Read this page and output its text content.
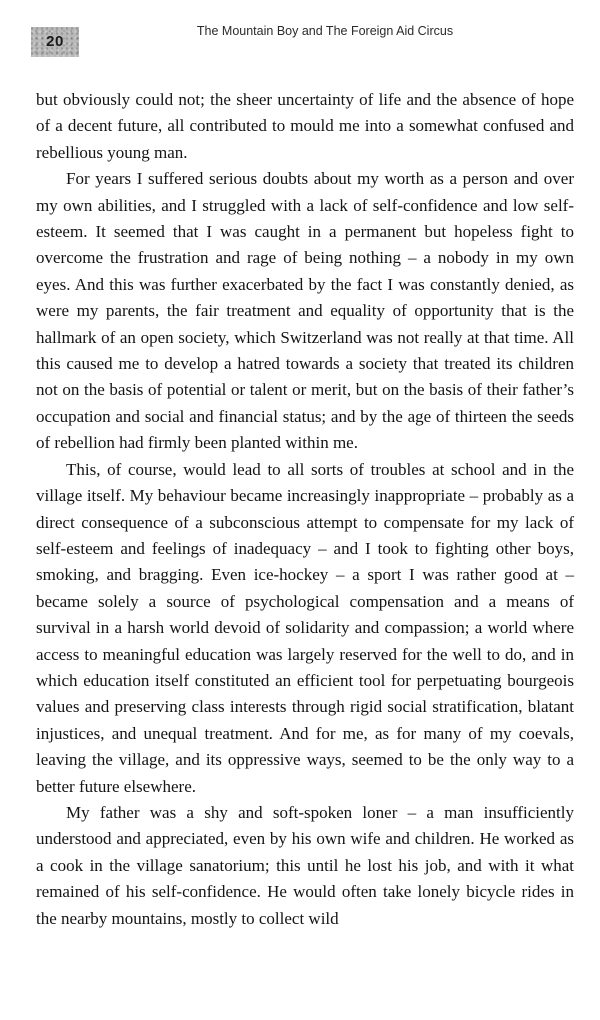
20
The Mountain Boy and The Foreign Aid Circus

but obviously could not; the sheer uncertainty of life and the absence of hope of a decent future, all contributed to mould me into a somewhat confused and rebellious young man.

For years I suffered serious doubts about my worth as a person and over my own abilities, and I struggled with a lack of self-confidence and low self-esteem. It seemed that I was caught in a permanent but hopeless fight to overcome the frustration and rage of being nothing – a nobody in my own eyes. And this was further exacerbated by the fact I was constantly denied, as were my parents, the fair treatment and equality of opportunity that is the hallmark of an open society, which Switzerland was not really at that time. All this caused me to develop a hatred towards a society that treated its children not on the basis of potential or talent or merit, but on the basis of their father’s occupation and social and financial status; and by the age of thirteen the seeds of rebellion had firmly been planted within me.

This, of course, would lead to all sorts of troubles at school and in the village itself. My behaviour became increasingly inappropriate – probably as a direct consequence of a subconscious attempt to compensate for my lack of self-esteem and feelings of inadequacy – and I took to fighting other boys, smoking, and bragging. Even ice-hockey – a sport I was rather good at – became solely a source of psychological compensation and a means of survival in a harsh world devoid of solidarity and compassion; a world where access to meaningful education was largely reserved for the well to do, and in which education itself constituted an efficient tool for perpetuating bourgeois values and preserving class interests through rigid social stratification, blatant injustices, and unequal treatment. And for me, as for many of my coevals, leaving the village, and its oppressive ways, seemed to be the only way to a better future elsewhere.

My father was a shy and soft-spoken loner – a man insufficiently understood and appreciated, even by his own wife and children. He worked as a cook in the village sanatorium; this until he lost his job, and with it what remained of his self-confidence. He would often take lonely bicycle rides in the nearby mountains, mostly to collect wild
